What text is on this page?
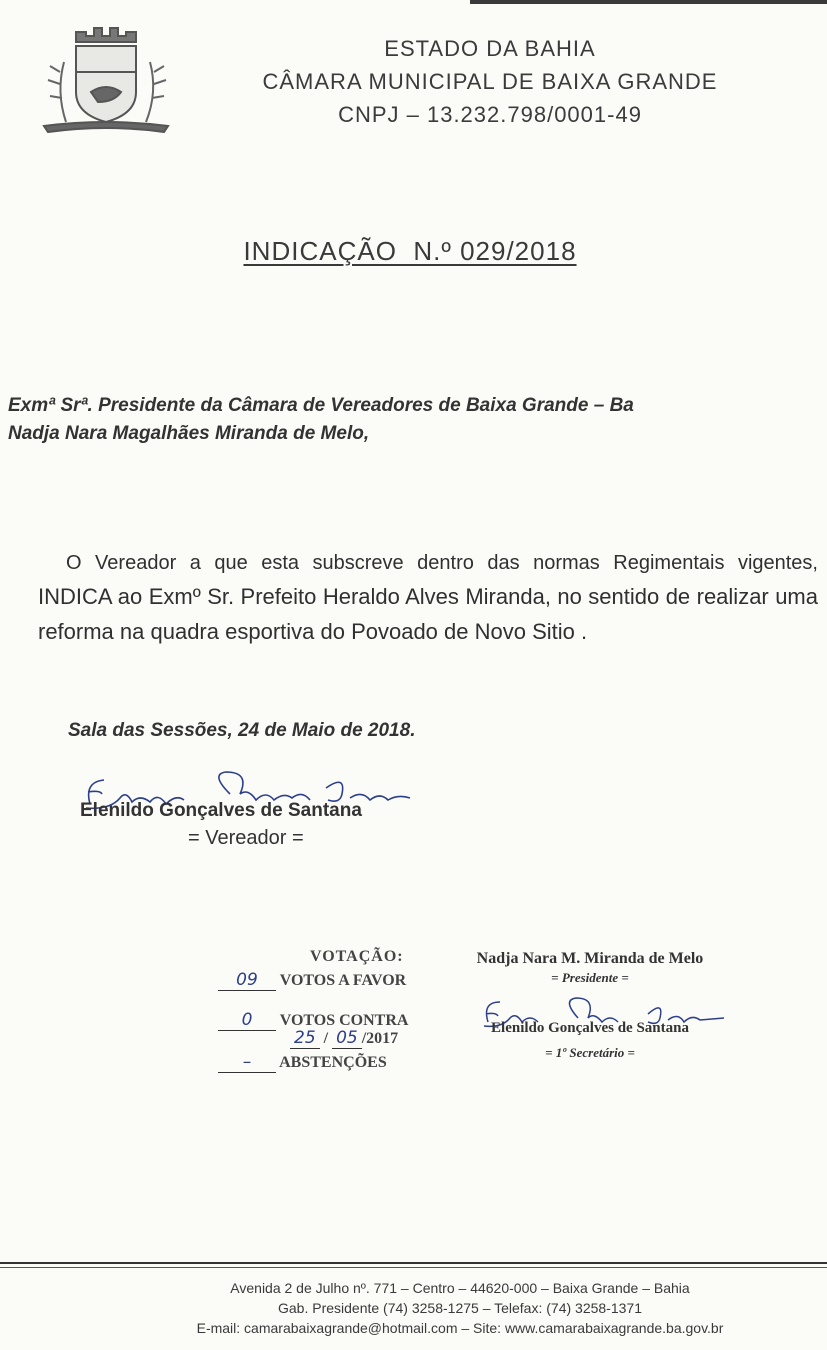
ESTADO DA BAHIA
CÂMARA MUNICIPAL DE BAIXA GRANDE
CNPJ – 13.232.798/0001-49
INDICAÇÃO  N.º 029/2018
Exmª Srª. Presidente da Câmara de Vereadores de Baixa Grande – Ba
Nadja Nara Magalhães Miranda de Melo,
O Vereador a que esta subscreve dentro das normas Regimentais vigentes, INDICA ao Exmº Sr. Prefeito Heraldo Alves Miranda, no sentido de realizar uma reforma na quadra esportiva do Povoado de Novo Sitio .
Sala das Sessões, 24 de Maio de 2018.
Elenildo Gonçalves de Santana
= Vereador =
VOTAÇÃO:
09 VOTOS A FAVOR
0 VOTOS CONTRA
25 / 05 /2017
– ABSTENÇÕES
Nadja Nara M. Miranda de Melo
= Presidente =
Elenildo Gonçalves de Santana
= 1º Secretário =
Avenida 2 de Julho nº. 771 – Centro – 44620-000 – Baixa Grande – Bahia
Gab. Presidente (74) 3258-1275 – Telefax: (74) 3258-1371
E-mail: camarabaixagrande@hotmail.com – Site: www.camarabaixagrande.ba.gov.br
